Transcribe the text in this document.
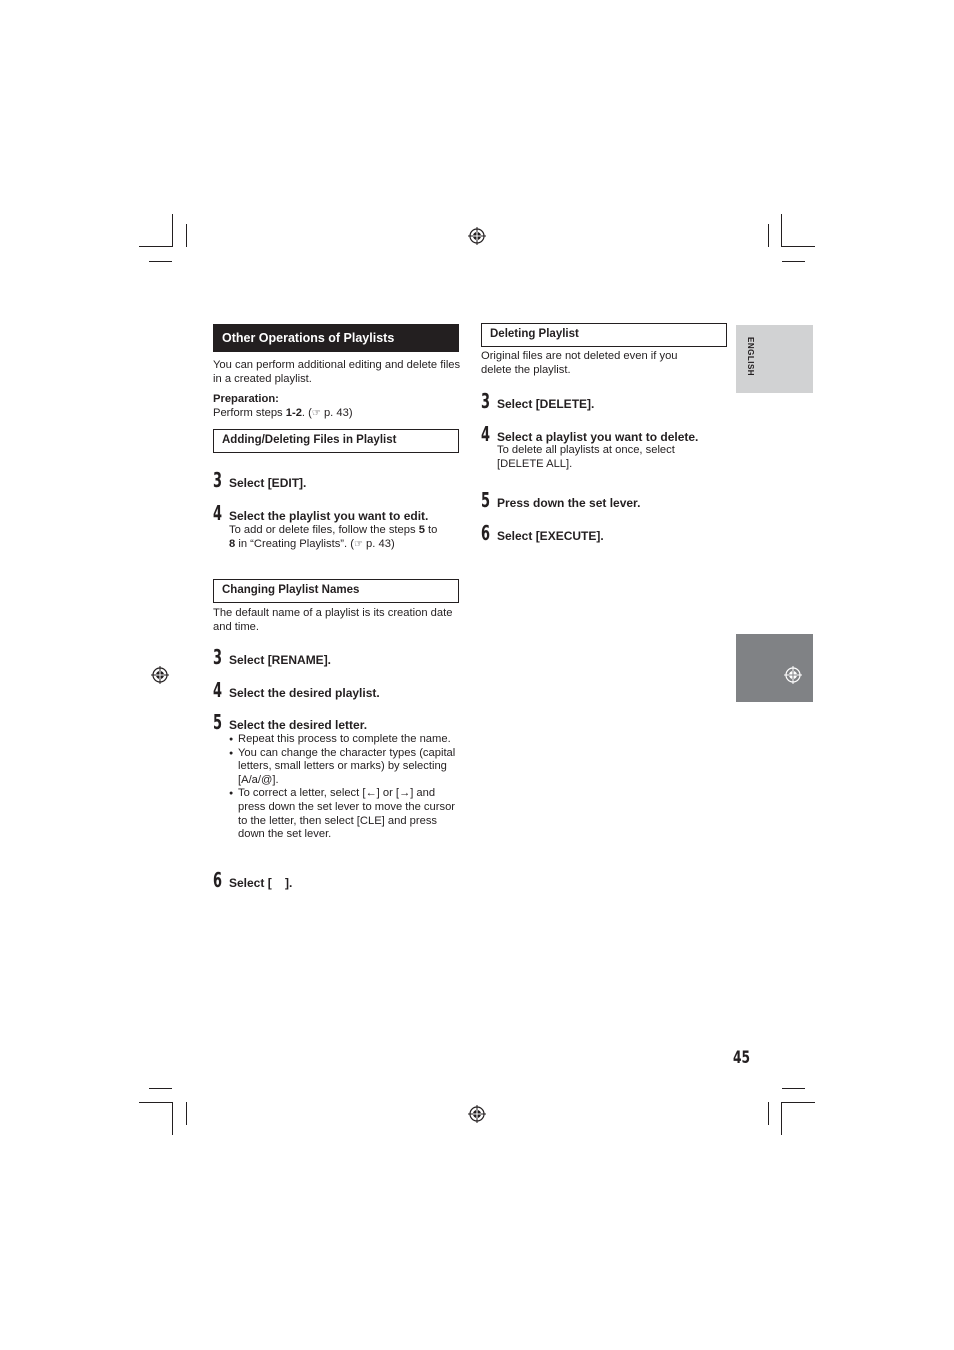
ENGLISH
Other Operations of Playlists
You can perform additional editing and delete files in a created playlist.
Preparation:
Perform steps 1-2. (☞ p. 43)
Adding/Deleting Files in Playlist
3 Select [EDIT].
4 Select the playlist you want to edit.
To add or delete files, follow the steps 5 to
8 in “Creating Playlists”. (☞ p. 43)
Changing Playlist Names
The default name of a playlist is its creation date and time.
3 Select [RENAME].
4 Select the desired playlist.
5 Select the desired letter.
● Repeat this process to complete the name.
● You can change the character types (capital letters, small letters or marks) by selecting [A/a/@].
● To correct a letter, select [←] or [→] and press down the set lever to move the cursor to the letter, then select [CLE] and press down the set lever.
6 Select [    ].
Deleting Playlist
Original files are not deleted even if you delete the playlist.
3 Select [DELETE].
4 Select a playlist you want to delete.
To delete all playlists at once, select [DELETE ALL].
5 Press down the set lever.
6 Select [EXECUTE].
45
